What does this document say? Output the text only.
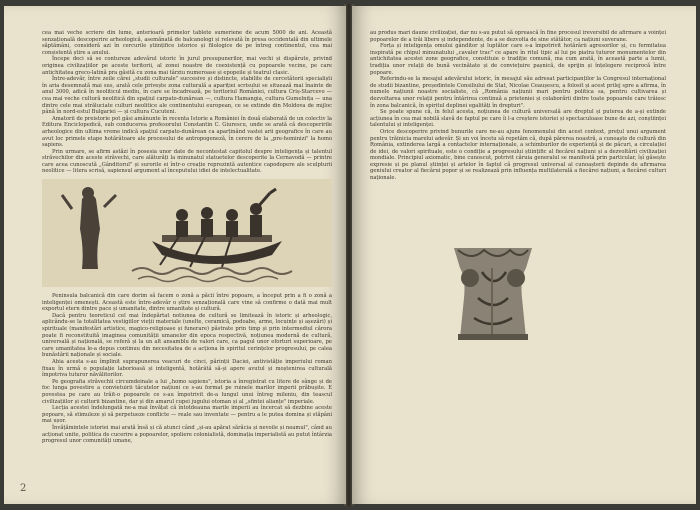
cea mai veche scriere din lume, anterioară primelor tablete sumeriene de acum 5000 de ani. Această senzațională descoperire arheologică, asemănată de balcanologi și relevată în presa occidentală din ultimele săptămâni, consideră azi în cercurile științifice istorice și filologice de pe întreg continentul, cea mai consistentă știre a anului.

Începe deci să se contureze adevărul istoric în jurul presupunerilor, mai vechi și dispărute, privind originea civilizațiilor pe aceste teritorii, al zonei noastre de coexistență cu popoarele vecine, pe care antichitatea greco-latină pra găsită cu zona mai târziu numeroase și epopeile și teatrul clasic.

Între-adevăr, între zeile cărei „studii culturale" succesive și distincte, stabilite de cercetătorii specialiști în aria desemnată mai sus, arată cele privește zona culturală a apariției scrisului se situează mai înainte de anul 3000, adică în neoliticul mediu, în care se încadrează, pe teritoriul României, cultura Criș-Starcevo — cea mai veche cultură neolitică din spațiul carpato-dunărean —, cultura Hamangia, cultura Gumelnița — una dintre cele mai străluciate culturi neolitice ale continentului european, ce se extinde din Moldova de mijloc până în nord-estul Bulgariei — și cultura Cucuteni.

Amatorii de preistorie pot găsi amănunte în recenta Istorie a României în două elaborată de un colectiv la Editura Enciclopedică, sub conducerea profesorului Constantin C. Giurescu, unde se arată că descoperirile arheologice din ultima vreme indică spațiul carpato-dunărean ca aparținând vastei arii geografice în care au avut loc primele etape hotărâtoare ale procesului de antropogeneză, în cerere de la „pre-hominizi" la homo sapiens.

Prin urmare, se afirm astăzi în posesia unor date de necontestat capitolul despre inteligența și talentul străvechilor din aceste străvechi, care alăturăți la minunatul statuetelor descoperite la Cernavodă — printre care acea cunoscută „Gânditorul" și surorile ei într-o creație reprezintă autentice capodopere ale sculpturii neolitice — litera scrisă, sapiensul argument al începutului idiei de intelectualitate.

Peninsula balcanică din care dorim să facem o zonă a păcii între popoare, a început prin a fi o zonă a inteligenței omenești. Această este între-adevăr o știre senzațională care vine să confirme o dată mai mult exportul etern dintre pace și umanitate, dintre umanitate și cultură.

Dacă pentru teoreticul cel mai îndepărtat notiunea de cultură se limitează în istoric și arheologic, aplicându-se la totalitatea vestigiilor vieții materiale (unelte, ceramică, podoabe, arme, locuințe și așezări) și spirituale (manifestări artistice, magico-religioase și funerare) păstrate prin timp și prin intermediul cărora poate fi reconstituită imaginea comunității umanelor din epoca respectivă, noțiunea modernă de cultură, universală și națională, se referă și la un alt ansamblu de valori care, ca pagul unor eforturi superioare, pe care umanitatea le-a depus continuu din necesitatea de a acționa în spiritul cerințelor progresului, pe calea bunăstării naționale și sociale.

Abia acesta s-au împlinit suprapunerea veacuri de cinci, părinții Daciei, antivistăție imperiului roman fixau în urmă o populație laborioasă și inteligentă, hotărâtă să-și apere avutul și moștenirea culturală împotriva tuturor năvălitorilor.

Pe geografia străvechii circumdeinale a lui „homo sapiens", istoria a înregistrat cu litere de sânge și de foc lunga povestire a convietuirii tăcutelor națiuni ce s-au format pe ruinele marilor imperii prăbușite. E povestea pe care au trăit-o popoarele ce s-au împotrivit de-a lungul unui întreg mileniu, din teascul civilizațiilor și culturii bizantine, dar și din amarul cupei jugului otoman și al „sfintei alianțe" imperiale.

Lecția acestei îndelungată ne-a mai învățat că întotdeauna marile imperii au încercat să dezbine aceste popoare, să stimuleze și să perpetueze conflicte — reale sau inventate — pentru a le putea domina și stăpâni mai ușor.

Învățămintele istoriei mai arată însă și că atunci când „și-au apărat sărăcia și nevoile și neamul", când au acționat unite, politica de cucerire a popoarelor, spoliere colonialistă, dominația imperialistă au putut întârzia progresul unor comunități umane,

2

au produs mari daune civilizației, dar nu s-au putut să oprească în fine procesul ireversibil de afirmare a voinței popoarelor de a trăi libere și independente, de a se dezvolta de sine stătător, ca națiuni suverane.

Forța și inteligența omului gânditor și luptător care s-a împotrivit hotărârii agresorilor și, cu fermitatea inspirată pe chipul minunatului „cavaler trac" ce apare în ritul tipic al lui pe piatra tuturor monumentelor din antichitatea acestei zone geografice, constituie o tradiție comună, ma cum arată, în această parte a lumii, tradiția unor relații de bună vecinătate și de conviețuire pașnică, de sprijin și înțelegere reciprocă între popoare.

Referindu-se la mesajul adevărului istoric, în mesajul său adresat participanților la Congresul internațional de studii bizantine, președintele Consiliului de Stat, Nicolae Ceaușescu, a folosit și acest prilej spre a afirma, în numele națiunii noastre socialiste, că „România națiunii mari pentru politica sa, pentru cultivarea și dezvoltarea unor relații pentru întărirea continuă a prieteniei și colaborării dintre toate popoarele care trăiesc în zona balcanică, în spiritul deplinei egalități în drepturi".

Se poate spune că, în felul acesta, noțiunea de cultură universală are dreptul și puterea de a-și extinde acțiunea în cea mai nobilă slavă de faptul pe care îi l-a creștere istoriei și spectaculoase bune de azi, conștiinței talentului și inteligenței.

Orice descoperire privind bunurile care ne-au ajuns fenomenului din acest context, prețul unui argument pentru trăinicia marelui adevăr. Și un voi încetu să repetăm că, după părerea noastră, a cunoaște de cultură din România, extinderea largă a contactelor internaționale, a schimburilor de experiență și de păcuri, a circulației de idei, de valori spirituale, este o condiție a progresului științific al fiecărei națiuni și a dezvoltării civilizației mondiale. Principiul axiomatic, bine cunoscut, potrivit căruia generalul se manifestă prin particular, îșî găsește expresie și pe planul științei și artelor în faptul că progresul universal al cunoașterii depinde de afirmarea geniului creator al fiecărui popor și se realizează prin influența multilaterală a fiecărei națiuni, a fiecărei culturi naționale.
